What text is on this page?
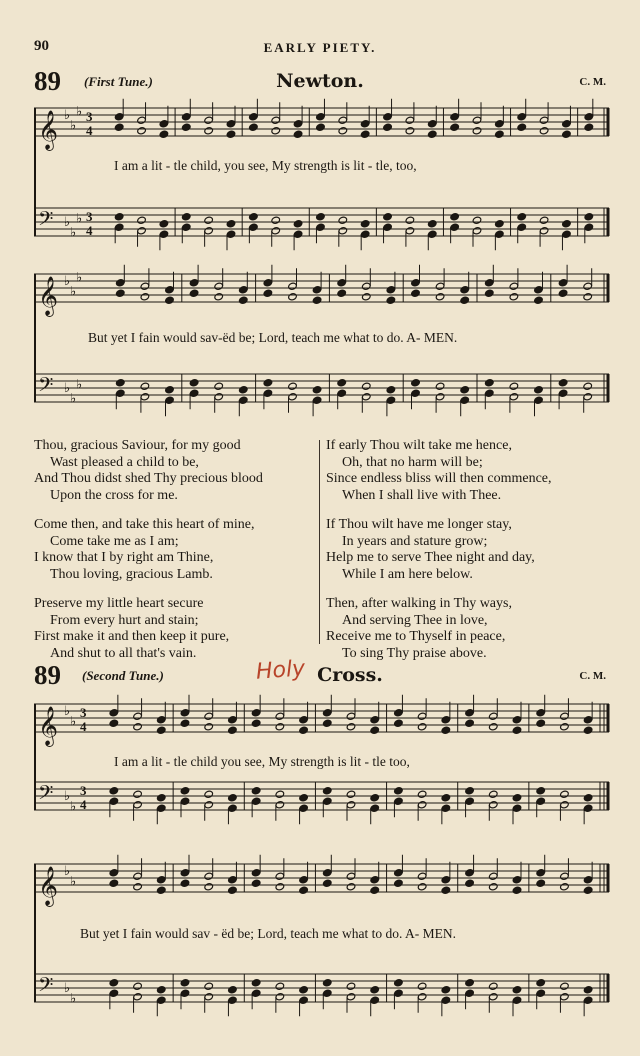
90	EARLY PIETY.
89 (First Tune.)	Newton.	C. M.
𝄞 ♭
♭
♭ 3
4
𝄢 ♭
♭
♭ 3
4
I am a lit - tle child, you see, My strength is lit - tle, too,
𝄞 ♭
♭
♭
𝄢 ♭
♭
♭
But yet I fain would sav-ëd be; Lord, teach me what to do. A- MEN.
Thou, gracious Saviour, for my good
Wast pleased a child to be,
And Thou didst shed Thy precious blood
Upon the cross for me.
Come then, and take this heart of mine,
Come take me as I am;
I know that I by right am Thine,
Thou loving, gracious Lamb.
Preserve my little heart secure
From every hurt and stain;
First make it and then keep it pure,
And shut to all that's vain.
If early Thou wilt take me hence,
Oh, that no harm will be;
Since endless bliss will then commence,
When I shall live with Thee.
If Thou wilt have me longer stay,
In years and stature grow;
Help me to serve Thee night and day,
While I am here below.
Then, after walking in Thy ways,
And serving Thee in love,
Receive me to Thyself in peace,
To sing Thy praise above.
89 (Second Tune.)	Holy Cross.	C. M.
𝄞 ♭
♭
3
4
𝄢 ♭
♭
3
4
I am a lit - tle child you see, My strength is lit - tle too,
𝄞 ♭
♭
𝄢 ♭
♭
But yet I fain would sav - ëd be; Lord, teach me what to do. A- MEN.
